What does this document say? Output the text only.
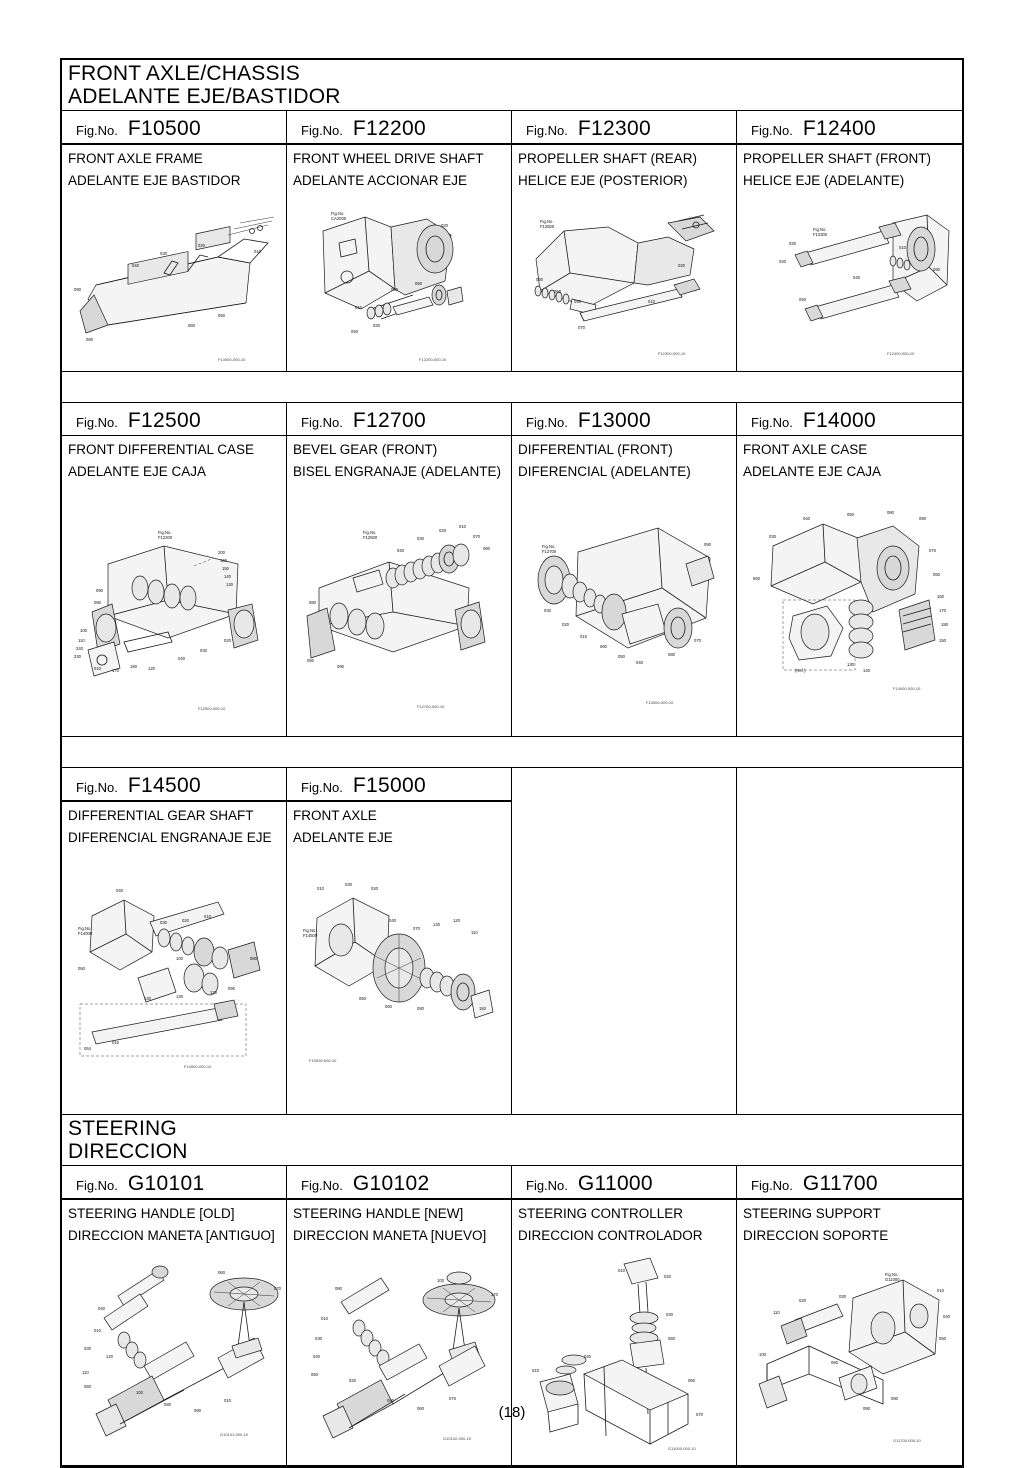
FRONT AXLE/CHASSIS
ADELANTE EJE/BASTIDOR
Fig.No. F10500
FRONT AXLE FRAME
ADELANTE EJE BASTIDOR
040
030
020
090
080
050
060
010
F10500-000-10
Fig.No. F12200
FRONT WHEEL DRIVE SHAFT
ADELANTE ACCIONAR EJE
Fig.No. CA2000
010
060
050
020
050
030
F12200-000-10
Fig.No. F12300
PROPELLER SHAFT (REAR)
HELICE EJE (POSTERIOR)
Fig.No. F12500
030
050
040
070
010
020
F12300-000-10
Fig.No. F12400
PROPELLER SHAFT (FRONT)
HELICE EJE (ADELANTE)
Fig.No. F12300
030
020
050
040
010
090
F12400-000-10
Fig.No. F12500
FRONT DIFFERENTIAL CASE
ADELANTE EJE CAJA
Fig.No. F12200
200
160
150
140
130
090
080
100
110
240
230
010	170
190	120
040
030
020
F12500-000-10
Fig.No. F12700
BEVEL GEAR (FRONT)
BISEL ENGRANAJE (ADELANTE)
Fig.No. F12500	030
020
010
070
060
040
080
050
090
F12700-000-10
Fig.No. F13000
DIFFERENTIAL (FRONT)
DIFERENCIAL (ADELANTE)
Fig.No. F12700
030
020
010
060
050
040
080
070
090
F13000-000-10
Fig.No. F14000
FRONT AXLE CASE
ADELANTE EJE CAJA
040
050	080
090
030
650
070
060
160
170
180
150
130
140
(Ref.)
F14000-000-10
Fig.No. F14500
DIFFERENTIAL GEAR SHAFT
DIFERENCIAL ENGRANAJE EJE
040
Fig.No. F14000
050
030	020
010
100	080
140	130
120
090
064
010
F14500-000-10
Fig.No. F15000
FRONT AXLE
ADELANTE EJE
010
030
020
Fig.No. F14500
040
070
140
120
110
050
060	080	150
F15000-000-10
STEERING
DIRECCION
Fig.No. G10101
STEERING HANDLE [OLD]
DIRECCION MANETA [ANTIGUO]
040
010
030
120
110
050
100
080
090
010
060
070
G10101-000-10
Fig.No. G10102
STEERING HANDLE [NEW]
DIRECCION MANETA [NUEVO]
080
010
030
040
050
020
090
060
070
100
170
G10102-000-10
Fig.No. G11000
STEERING CONTROLLER
DIRECCION CONTROLADOR
010
020
030
050
010
040
060
070
G11000-000-10
Fig.No. G11700
STEERING SUPPORT
DIRECCION SOPORTE
Fig.No. G11000
110
020
030
010
040
050
100
060
090
080
G11700-000-10
(18)
